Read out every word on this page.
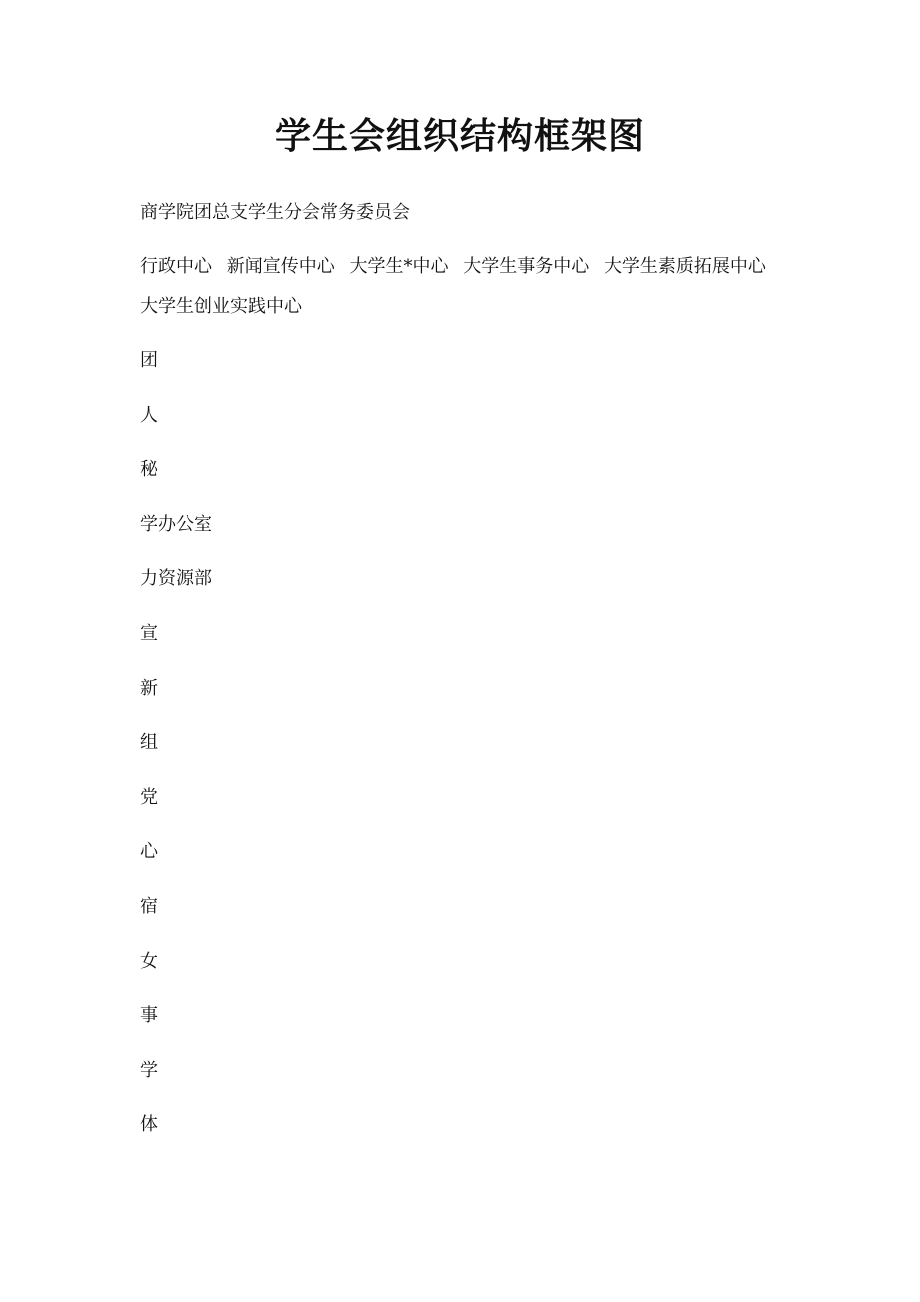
学生会组织结构框架图

商学院团总支学生分会常务委员会

行政中心 新闻宣传中心 大学生*中心 大学生事务中心 大学生素质拓展中心 大学生创业实践中心

团
人
秘
学办公室
力资源部
宣
新
组
党
心
宿
女
事
学
体
